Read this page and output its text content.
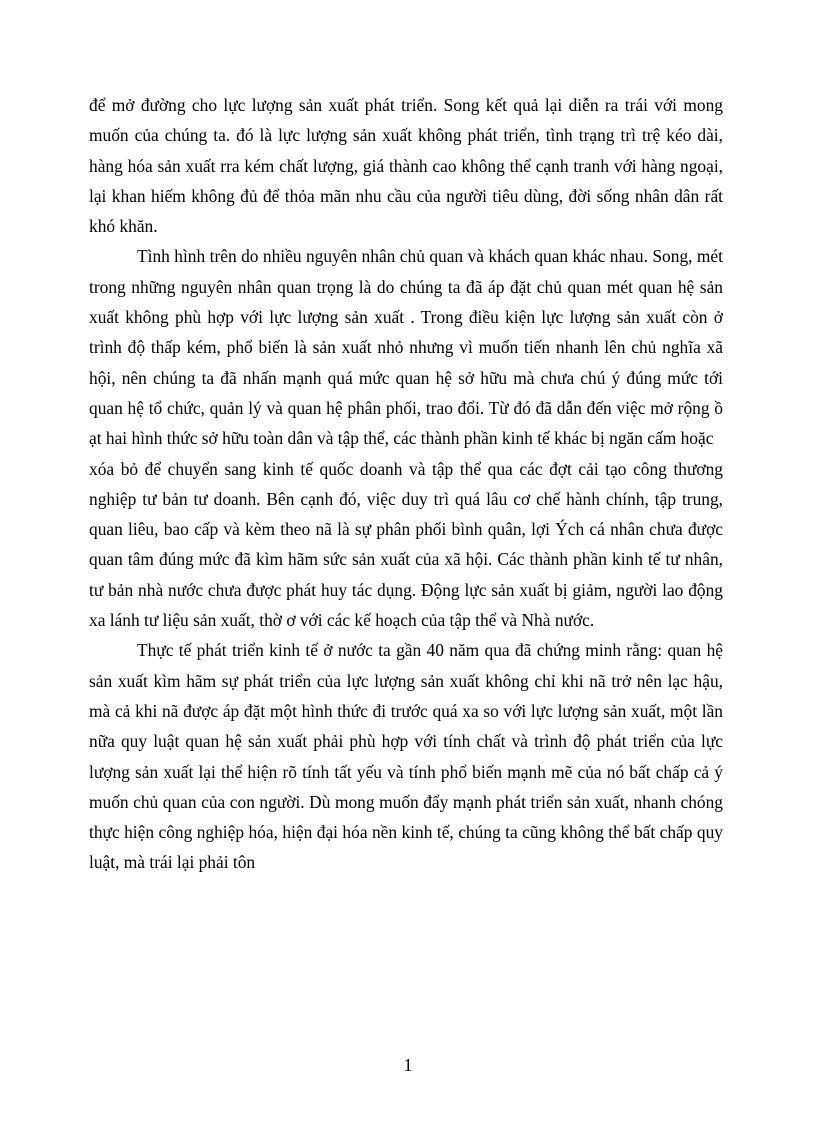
để mở đường cho lực lượng sản xuất phát triển. Song kết quả lại diễn ra trái với mong muốn của chúng ta. đó là lực lượng sản xuất không phát triển, tình trạng trì trệ kéo dài, hàng hóa sản xuất rra kém chất lượng, giá thành cao không thể cạnh tranh với hàng ngoại, lại khan hiếm không đủ để thỏa mãn nhu cầu của người tiêu dùng, đời sống nhân dân rất khó khăn.

Tình hình trên do nhiều nguyên nhân chủ quan và khách quan khác nhau. Song, mét trong những nguyên nhân quan trọng là do chúng ta đã áp đặt chủ quan mét quan hệ sản xuất không phù hợp với lực lượng sản xuất . Trong điều kiện lực lượng sản xuất còn ở trình độ thấp kém, phổ biến là sản xuất nhỏ nhưng vì muốn tiến nhanh lên chủ nghĩa xã hội, nên chúng ta đã nhấn mạnh quá mức quan hệ sở hữu mà chưa chú ý đúng mức tới quan hệ tổ chức, quản lý và quan hệ phân phối, trao đổi. Từ đó đã dẫn đến việc mở rộng ồ ạt hai hình thức sở hữu toàn dân và tập thể, các thành phần kinh tế khác bị ngăn cấm hoặc

xóa bỏ để chuyển sang kinh tế quốc doanh và tập thể qua các đợt cải tạo công thương nghiệp tư bản tư doanh. Bên cạnh đó, việc duy trì quá lâu cơ chế hành chính, tập trung, quan liêu, bao cấp và kèm theo nã là sự phân phối bình quân, lợi Ých cá nhân chưa được quan tâm đúng mức đã kìm hãm sức sản xuất của xã hội. Các thành phần kinh tế tư nhân, tư bản nhà nước chưa được phát huy tác dụng. Động lực sản xuất bị giảm, người lao động xa lánh tư liệu sản xuất, thờ ơ với các kế hoạch của tập thể và Nhà nước.

Thực tế phát triển kinh tế ở nước ta gần 40 năm qua đã chứng minh rằng: quan hệ sản xuất kìm hãm sự phát triển của lực lượng sản xuất không chỉ khi nã trở nên lạc hậu, mà cả khi nã được áp đặt một hình thức đi trước quá xa so với lực lượng sản xuất, một lần nữa quy luật quan hệ sản xuất phải phù hợp với tính chất và trình độ phát triển của lực lượng sản xuất lại thể hiện rõ tính tất yếu và tính phổ biến mạnh mẽ của nó bất chấp cả ý muốn chủ quan của con người. Dù mong muốn đẩy mạnh phát triển sản xuất, nhanh chóng thực hiện công nghiệp hóa, hiện đại hóa nền kinh tế, chúng ta cũng không thể bất chấp quy luật, mà trái lại phải tôn

1
